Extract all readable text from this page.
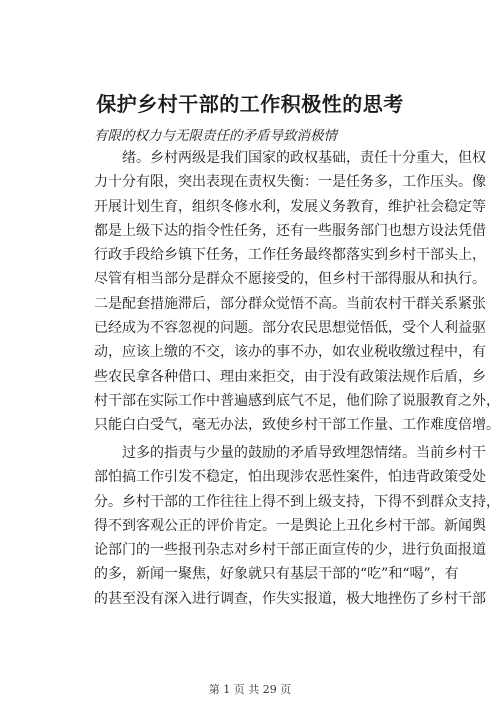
保护乡村干部的工作积极性的思考
有限的权力与无限责任的矛盾导致消极情
绪。乡村两级是我们国家的政权基础，责任十分重大，但权
力十分有限，突出表现在责权失衡：一是任务多，工作压头。像
开展计划生育，组织冬修水利，发展义务教育，维护社会稳定等
都是上级下达的指令性任务，还有一些服务部门也想方设法凭借
行政手段给乡镇下任务，工作任务最终都落实到乡村干部头上，
尽管有相当部分是群众不愿接受的，但乡村干部得服从和执行。
二是配套措施滞后，部分群众觉悟不高。当前农村干群关系紧张
已经成为不容忽视的问题。部分农民思想觉悟低，受个人利益驱
动，应该上缴的不交，该办的事不办，如农业税收缴过程中，有
些农民拿各种借口、理由来拒交，由于没有政策法规作后盾，乡
村干部在实际工作中普遍感到底气不足，他们除了说服教育之外，
只能白白受气，毫无办法，致使乡村干部工作量、工作难度倍增。
过多的指责与少量的鼓励的矛盾导致埋怨情绪。当前乡村干
部怕搞工作引发不稳定，怕出现涉农恶性案件，怕违背政策受处
分。乡村干部的工作往往上得不到上级支持，下得不到群众支持，
得不到客观公正的评价肯定。一是舆论上丑化乡村干部。新闻舆
论部门的一些报刊杂志对乡村干部正面宣传的少，进行负面报道
的多，新闻一聚焦，好象就只有基层干部的“吃”和“喝”，有
的甚至没有深入进行调查，作失实报道，极大地挫伤了乡村干部
第 1 页 共 29 页
